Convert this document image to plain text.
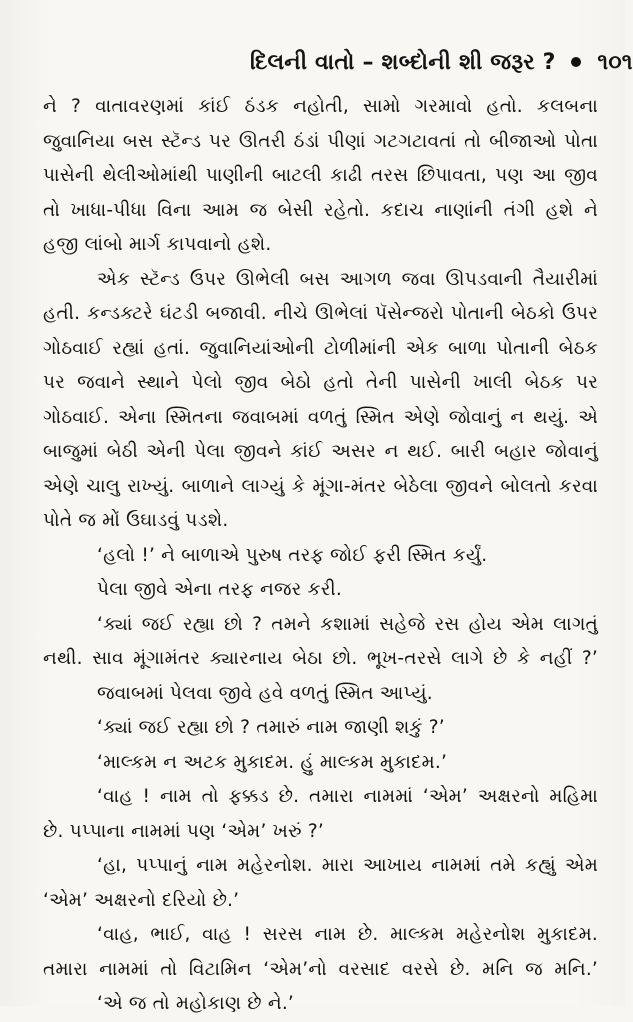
દિલની વાતો – શબ્દોની શી જરૂર ? ૧૦૧
ને ? વાતાવરણમાં કાંઈ ઠંડક નહોતી, સામો ગરમાવો હતો. કલબના
જુવાનિયા બસ સ્ટૅન્ડ પર ઊતરી ઠંડાં પીણાં ગટગટાવતાં તો બીજાઓ પોતા
પાસેની થેલીઓમાંથી પાણીની બાટલી કાઢી તરસ છિપાવતા, પણ આ જીવ
તો ખાધા-પીધા વિના આમ જ બેસી રહેતો. કદાચ નાણાંની તંગી હશે ને
હજી લાંબો માર્ગ કાપવાનો હશે.
એક સ્ટૅન્ડ ઉપર ઊભેલી બસ આગળ જવા ઊપડવાની તૈયારીમાં
હતી. કન્ડક્ટરે ઘંટડી બજાવી. નીચે ઊભેલાં પૅસેન્જરો પોતાની બેઠકો ઉપર
ગોઠવાઈ રહ્યાં હતાં. જુવાનિયાંઓની ટોળીમાંની એક બાળા પોતાની બેઠક
પર જવાને સ્થાને પેલો જીવ બેઠો હતો તેની પાસેની ખાલી બેઠક પર
ગોઠવાઈ. એના સ્મિતના જવાબમાં વળતું સ્મિત એણે જોવાનું ન થયું. એ
બાજુમાં બેઠી એની પેલા જીવને કાંઈ અસર ન થઈ. બારી બહાર જોવાનું
એણે ચાલુ રાખ્યું. બાળાને લાગ્યું કે મૂંગા-મંતર બેઠેલા જીવને બોલતો કરવા
પોતે જ મોં ઉઘાડવું પડશે.
‘હલો !’ ને બાળાએ પુરુષ તરફ જોઈ ફરી સ્મિત કર્યું.
પેલા જીવે એના તરફ નજર કરી.
‘ક્યાં જઈ રહ્યા છો ? તમને કશામાં સહેજે રસ હોય એમ લાગતું
નથી. સાવ મૂંગામંતર ક્યારનાય બેઠા છો. ભૂખ-તરસે લાગે છે કે નહીં ?’
જવાબમાં પેલવા જીવે હવે વળતું સ્મિત આપ્યું.
‘ક્યાં જઈ રહ્યા છો ? તમારું નામ જાણી શકું ?’
‘માલ્કમ ન અટક મુકાદમ. હું માલ્કમ મુકાદમ.’
‘વાહ ! નામ તો ફક્કડ છે. તમારા નામમાં ‘એમ’ અક્ષરનો મહિમા
છે. પપ્પાના નામમાં પણ ‘એમ’ ખરું ?’
‘હા, પપ્પાનું નામ મહેરનોશ. મારા આખાય નામમાં તમે કહ્યું એમ
‘એમ’ અક્ષરનો દરિયો છે.’
‘વાહ, ભાઈ, વાહ ! સરસ નામ છે. માલ્કમ મહેરનોશ મુકાદમ.
તમારા નામમાં તો વિટામિન ‘એમ’નો વરસાદ વરસે છે. મનિ જ મનિ.’
‘એ જ તો મહોકાણ છે ને.’
